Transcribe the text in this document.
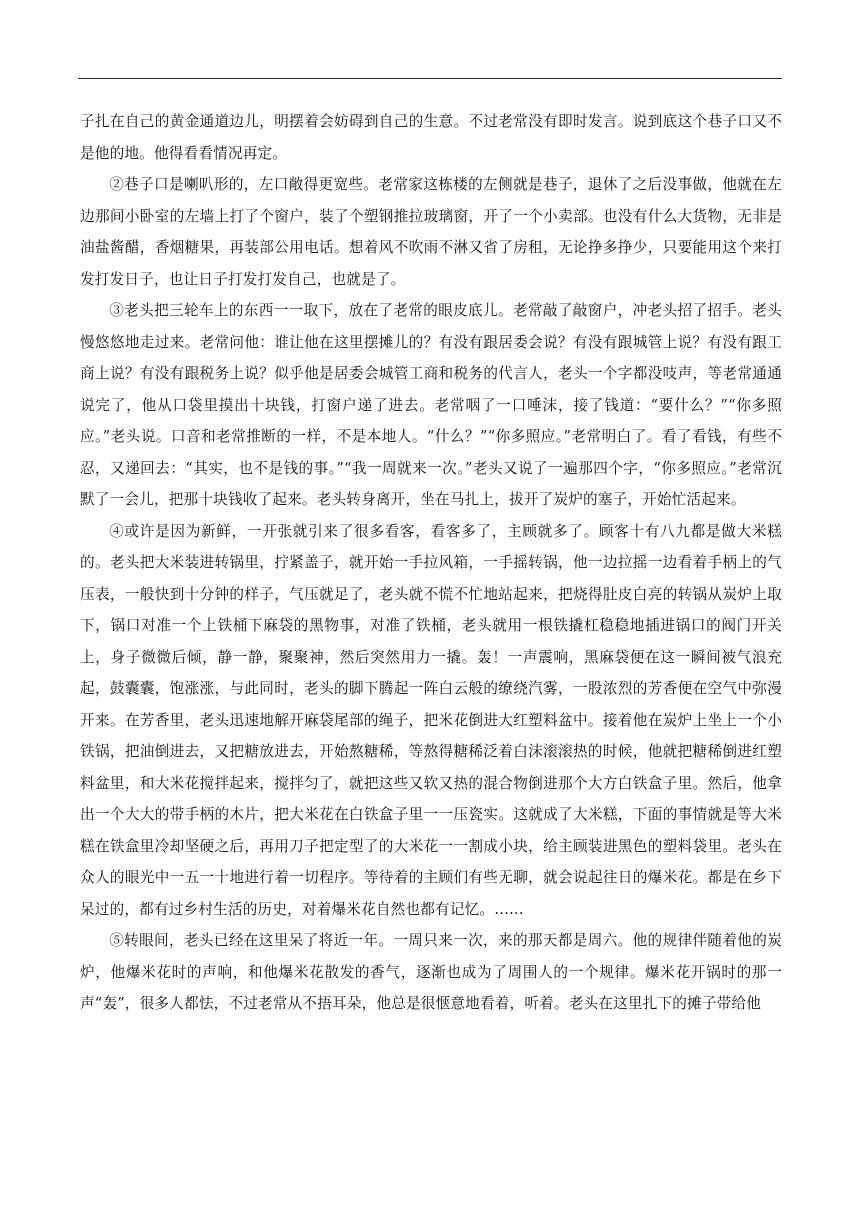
子扎在自己的黄金通道边儿，明摆着会妨碍到自己的生意。不过老常没有即时发言。说到底这个巷子口又不是他的地。他得看看情况再定。

②巷子口是喇叭形的，左口敞得更宽些。老常家这栋楼的左侧就是巷子，退休了之后没事做，他就在左边那间小卧室的左墙上打了个窗户，装了个塑钢推拉玻璃窗，开了一个小卖部。也没有什么大货物，无非是油盐酱醋，香烟糖果，再装部公用电话。想着风不吹雨不淋又省了房租，无论挣多挣少，只要能用这个来打发打发日子，也让日子打发打发自己，也就是了。

③老头把三轮车上的东西一一取下，放在了老常的眼皮底儿。老常敲了敲窗户，冲老头招了招手。老头慢悠悠地走过来。老常问他：谁让他在这里摆摊儿的？有没有跟居委会说？有没有跟城管上说？有没有跟工商上说？有没有跟税务上说？似乎他是居委会城管工商和税务的代言人，老头一个字都没吱声，等老常通通说完了，他从口袋里摸出十块钱，打窗户递了进去。老常咽了一口唾沫，接了钱道：“要什么？”“你多照应。”老头说。口音和老常推断的一样，不是本地人。“什么？”“你多照应。”老常明白了。看了看钱，有些不忍，又递回去：“其实，也不是钱的事。”“我一周就来一次。”老头又说了一遍那四个字，“你多照应。”老常沉默了一会儿，把那十块钱收了起来。老头转身离开，坐在马扎上，拔开了炭炉的塞子，开始忙活起来。

④或许是因为新鲜，一开张就引来了很多看客，看客多了，主顾就多了。顾客十有八九都是做大米糕的。老头把大米装进转锅里，拧紧盖子，就开始一手拉风箱，一手摇转锅，他一边拉摇一边看着手柄上的气压表，一般快到十分钟的样子，气压就足了，老头就不慌不忙地站起来，把烧得肚皮白亮的转锅从炭炉上取下，锅口对准一个上铁桶下麻袋的黑物事，对准了铁桶，老头就用一根铁撬杠稳稳地插进锅口的阀门开关上，身子微微后倾，静一静，聚聚神，然后突然用力一撬。轰！一声震响，黑麻袋便在这一瞬间被气浪充起，鼓囊囊，饱涨涨，与此同时，老头的脚下腾起一阵白云般的缭绕汽雾，一股浓烈的芳香便在空气中弥漫开来。在芳香里，老头迅速地解开麻袋尾部的绳子，把米花倒进大红塑料盆中。接着他在炭炉上坐上一个小铁锅，把油倒进去，又把糖放进去，开始熬糖稀，等熬得糖稀泛着白沫滚滚热的时候，他就把糖稀倒进红塑料盆里，和大米花搅拌起来，搅拌匀了，就把这些又软又热的混合物倒进那个大方白铁盒子里。然后，他拿出一个大大的带手柄的木片，把大米花在白铁盒子里一一压瓷实。这就成了大米糕，下面的事情就是等大米糕在铁盒里冷却坚硬之后，再用刀子把定型了的大米花一一割成小块，给主顾装进黑色的塑料袋里。老头在众人的眼光中一五一十地进行着一切程序。等待着的主顾们有些无聊，就会说起往日的爆米花。都是在乡下呆过的，都有过乡村生活的历史，对着爆米花自然也都有记忆。……

⑤转眼间，老头已经在这里呆了将近一年。一周只来一次，来的那天都是周六。他的规律伴随着他的炭炉，他爆米花时的声响，和他爆米花散发的香气，逐渐也成为了周围人的一个规律。爆米花开锅时的那一声“轰”，很多人都怯，不过老常从不捂耳朵，他总是很惬意地看着，听着。老头在这里扎下的摊子带给他
